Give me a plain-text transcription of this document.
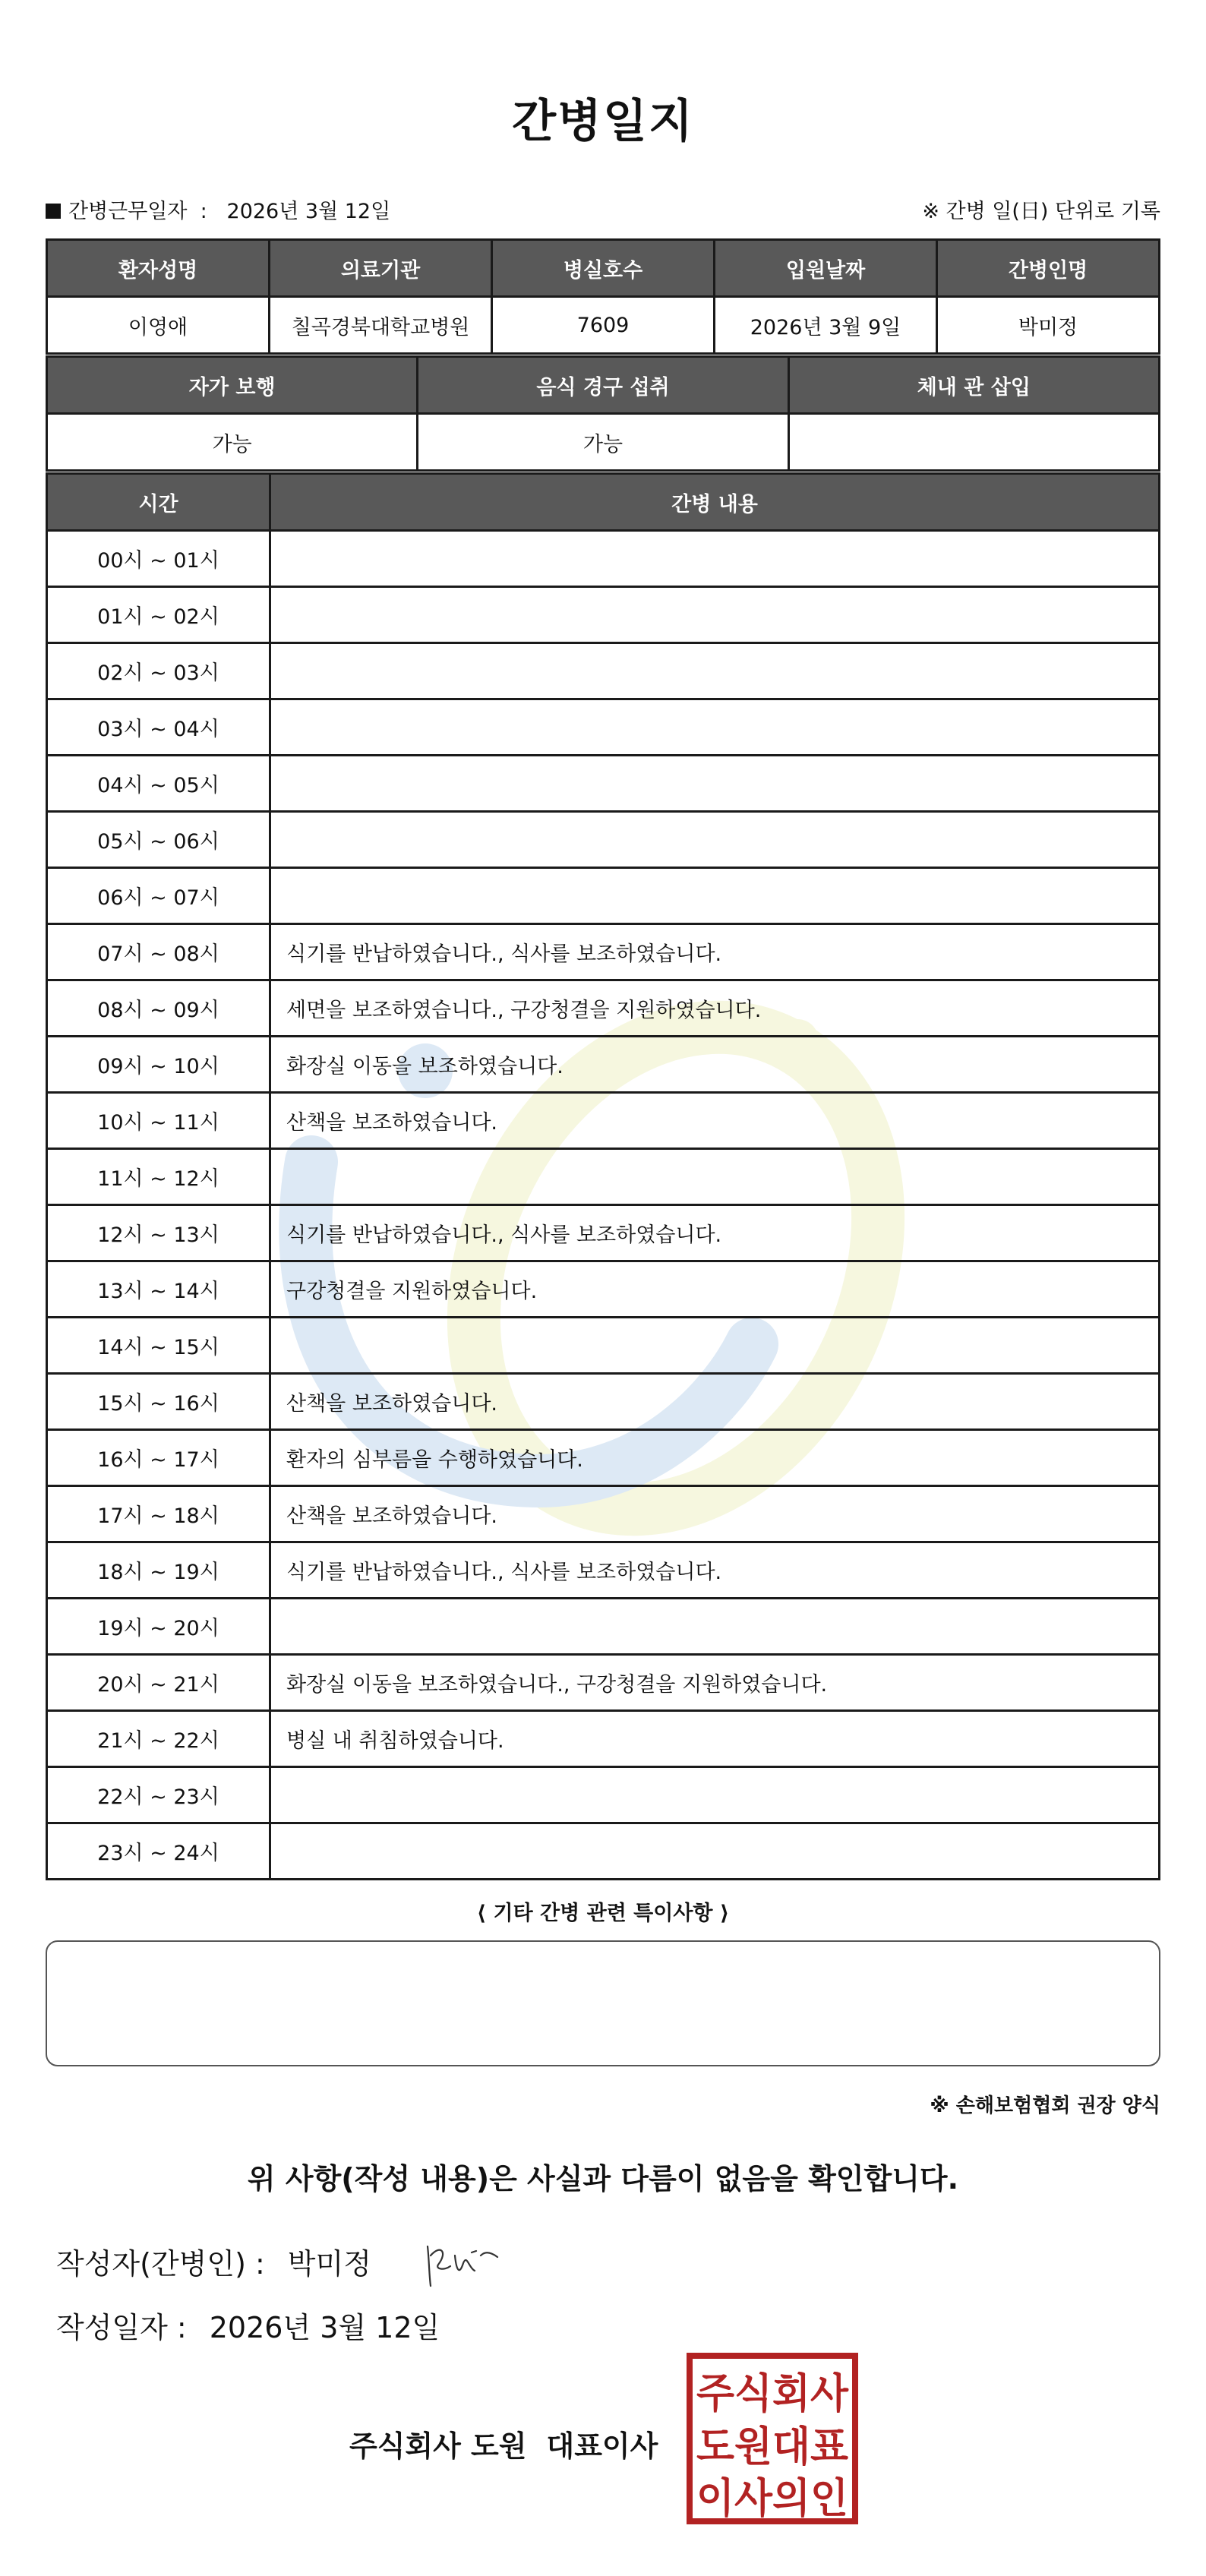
간병일지
간병근무일자  :   2026년 3월 12일	※ 간병 일(日) 단위로 기록
환자성명	의료기관	병실호수	입원날짜	간병인명
이영애	칠곡경북대학교병원	7609	2026년 3월 9일	박미정
자가 보행	음식 경구 섭취	체내 관 삽입
가능	가능	
시간	간병 내용
00시 ~ 01시	
01시 ~ 02시	
02시 ~ 03시	
03시 ~ 04시	
04시 ~ 05시	
05시 ~ 06시	
06시 ~ 07시	
07시 ~ 08시	식기를 반납하였습니다., 식사를 보조하였습니다.
08시 ~ 09시	세면을 보조하였습니다., 구강청결을 지원하였습니다.
09시 ~ 10시	화장실 이동을 보조하였습니다.
10시 ~ 11시	산책을 보조하였습니다.
11시 ~ 12시	
12시 ~ 13시	식기를 반납하였습니다., 식사를 보조하였습니다.
13시 ~ 14시	구강청결을 지원하였습니다.
14시 ~ 15시	
15시 ~ 16시	산책을 보조하였습니다.
16시 ~ 17시	환자의 심부름을 수행하였습니다.
17시 ~ 18시	산책을 보조하였습니다.
18시 ~ 19시	식기를 반납하였습니다., 식사를 보조하였습니다.
19시 ~ 20시	
20시 ~ 21시	화장실 이동을 보조하였습니다., 구강청결을 지원하였습니다.
21시 ~ 22시	병실 내 취침하였습니다.
22시 ~ 23시	
23시 ~ 24시	
⟨ 기타 간병 관련 특이사항 ⟩
※ 손해보험협회 권장 양식
위 사항(작성 내용)은 사실과 다름이 없음을 확인합니다.
작성자(간병인) : 박미정
작성일자 : 2026년 3월 12일
주식회사 도원 대표이사
주식회사
도원대표
이사의인
